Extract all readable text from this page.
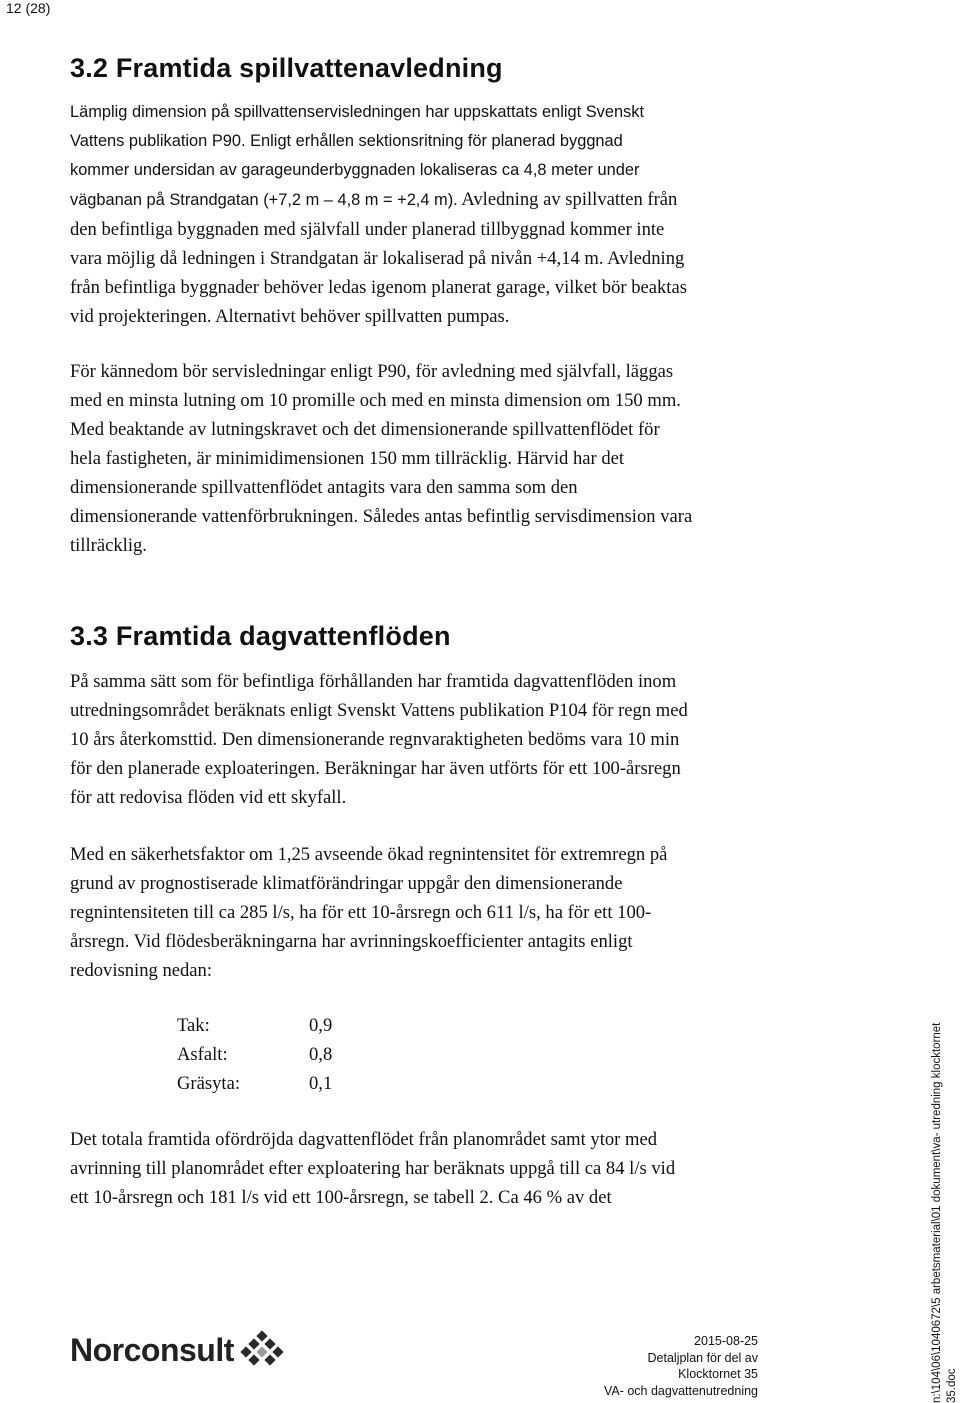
12 (28)
3.2 Framtida spillvattenavledning
Lämplig dimension på spillvattenservisledningen har uppskattats enligt Svenskt
Vattens publikation P90. Enligt erhållen sektionsritning för planerad byggnad
kommer undersidan av garageunderbyggnaden lokaliseras ca 4,8 meter under
vägbanan på Strandgatan (+7,2 m – 4,8 m = +2,4 m). Avledning av spillvatten från
den befintliga byggnaden med självfall under planerad tillbyggnad kommer inte
vara möjlig då ledningen i Strandgatan är lokaliserad på nivån +4,14 m. Avledning
från befintliga byggnader behöver ledas igenom planerat garage, vilket bör beaktas
vid projekteringen. Alternativt behöver spillvatten pumpas.
För kännedom bör servisledningar enligt P90, för avledning med självfall, läggas
med en minsta lutning om 10 promille och med en minsta dimension om 150 mm.
Med beaktande av lutningskravet och det dimensionerande spillvattenflödet för
hela fastigheten, är minimidimensionen 150 mm tillräcklig. Härvid har det
dimensionerande spillvattenflödet antagits vara den samma som den
dimensionerande vattenförbrukningen. Således antas befintlig servisdimension vara
tillräcklig.
3.3 Framtida dagvattenflöden
På samma sätt som för befintliga förhållanden har framtida dagvattenflöden inom
utredningsområdet beräknats enligt Svenskt Vattens publikation P104 för regn med
10 års återkomsttid. Den dimensionerande regnvaraktigheten bedöms vara 10 min
för den planerade exploateringen. Beräkningar har även utförts för ett 100-årsregn
för att redovisa flöden vid ett skyfall.
Med en säkerhetsfaktor om 1,25 avseende ökad regnintensitet för extremregn på
grund av prognostiserade klimatförändringar uppgår den dimensionerande
regnintensiteten till ca 285 l/s, ha för ett 10-årsregn och 611 l/s, ha för ett 100-
årsregn. Vid flödesberäkningarna har avrinningskoefficienter antagits enligt
redovisning nedan:
Tak:	0,9
Asfalt:	0,8
Gräsyta:	0,1
Det totala framtida ofördröjda dagvattenflödet från planområdet samt ytor med
avrinning till planområdet efter exploatering har beräknats uppgå till ca 84 l/s vid
ett 10-årsregn och 181 l/s vid ett 100-årsregn, se tabell 2. Ca 46 % av det
Norconsult	2015-08-25
Detaljplan för del av
Klocktornet 35
VA- och dagvattenutredning	n:\104\06\1040672\5 arbetsmaterial\01 dokument\va- utredning klocktornet 35.doc
